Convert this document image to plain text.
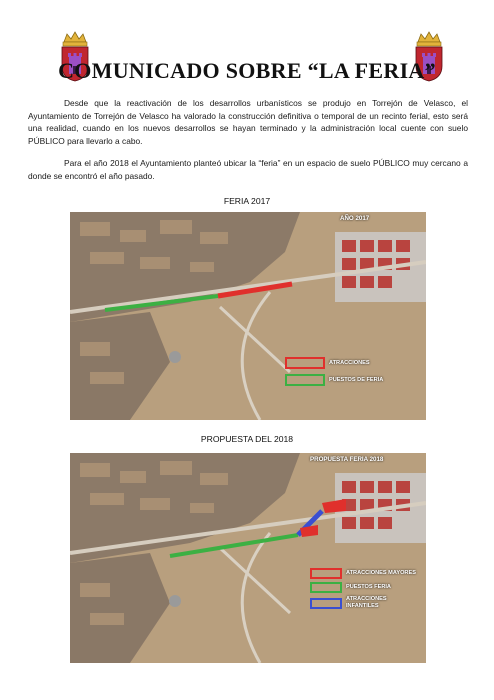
COMUNICADO SOBRE “LA FERIA”
Desde que la reactivación de los desarrollos urbanísticos se produjo en Torrejón de Velasco, el Ayuntamiento de Torrejón de Velasco ha valorado la construcción definitiva o temporal de un recinto ferial, esto será una realidad, cuando en los nuevos desarrollos se hayan terminado y la administración local cuente con suelo PÚBLICO para llevarlo a cabo.
Para el año 2018 el Ayuntamiento planteó ubicar la “feria” en un espacio de suelo PÚBLICO muy cercano a donde se encontró el año pasado.
FERIA 2017
AÑO 2017
ATRACCIONES
PUESTOS DE FERIA
PROPUESTA DEL 2018
PROPUESTA FERIA 2018
ATRACCIONES MAYORES
PUESTOS FERIA
ATRACCIONES INFANTILES
